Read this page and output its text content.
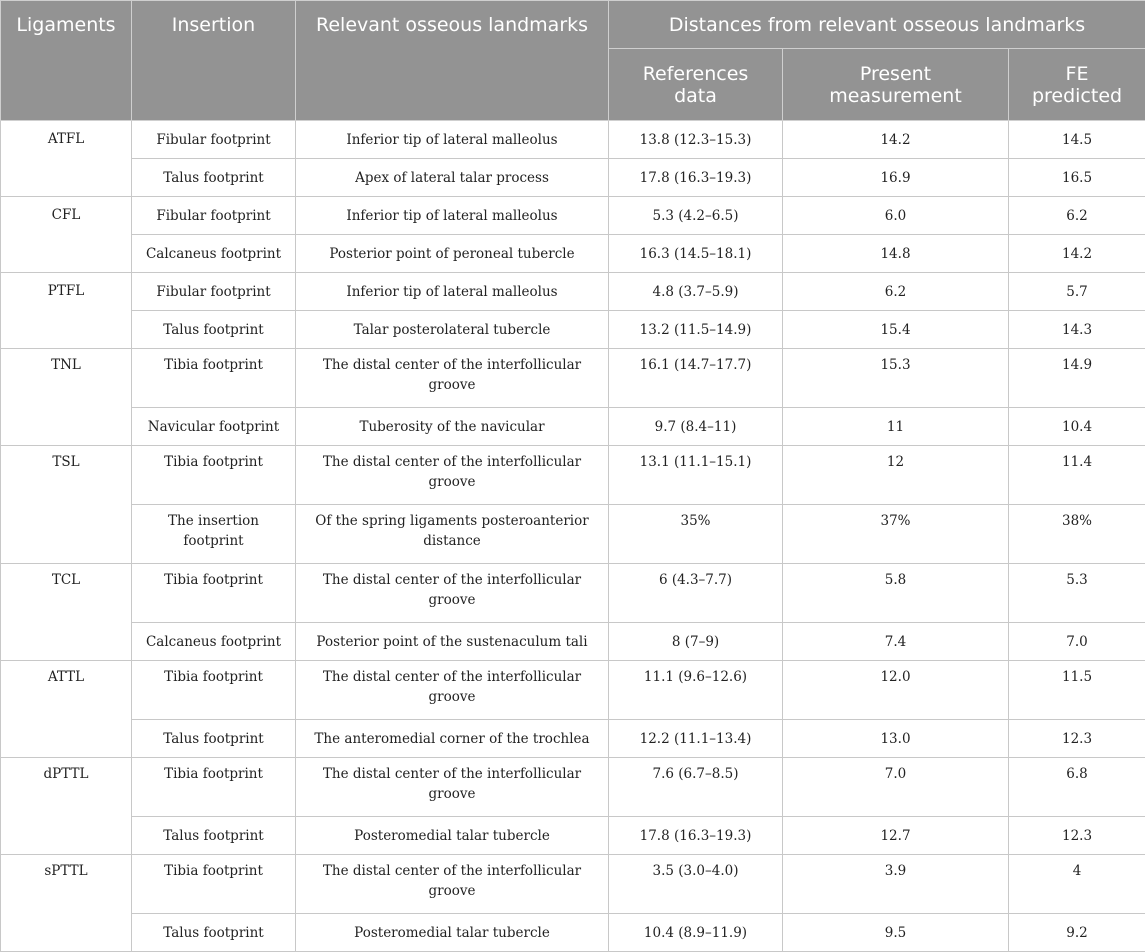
Ligaments	Insertion	Relevant osseous landmarks	Distances from relevant osseous landmarks		
			References data	Present measurement	FE predicted
ATFL	Fibular footprint	Inferior tip of lateral malleolus	13.8 (12.3–15.3)	14.2	14.5
	Talus footprint	Apex of lateral talar process	17.8 (16.3–19.3)	16.9	16.5
CFL	Fibular footprint	Inferior tip of lateral malleolus	5.3 (4.2–6.5)	6.0	6.2
	Calcaneus footprint	Posterior point of peroneal tubercle	16.3 (14.5–18.1)	14.8	14.2
PTFL	Fibular footprint	Inferior tip of lateral malleolus	4.8 (3.7–5.9)	6.2	5.7
	Talus footprint	Talar posterolateral tubercle	13.2 (11.5–14.9)	15.4	14.3
TNL	Tibia footprint	The distal center of the interfollicular groove	16.1 (14.7–17.7)	15.3	14.9
	Navicular footprint	Tuberosity of the navicular	9.7 (8.4–11)	11	10.4
TSL	Tibia footprint	The distal center of the interfollicular groove	13.1 (11.1–15.1)	12	11.4
	The insertion footprint	Of the spring ligaments posteroanterior distance	35%	37%	38%
TCL	Tibia footprint	The distal center of the interfollicular groove	6 (4.3–7.7)	5.8	5.3
	Calcaneus footprint	Posterior point of the sustenaculum tali	8 (7–9)	7.4	7.0
ATTL	Tibia footprint	The distal center of the interfollicular groove	11.1 (9.6–12.6)	12.0	11.5
	Talus footprint	The anteromedial corner of the trochlea	12.2 (11.1–13.4)	13.0	12.3
dPTTL	Tibia footprint	The distal center of the interfollicular groove	7.6 (6.7–8.5)	7.0	6.8
	Talus footprint	Posteromedial talar tubercle	17.8 (16.3–19.3)	12.7	12.3
sPTTL	Tibia footprint	The distal center of the interfollicular groove	3.5 (3.0–4.0)	3.9	4
	Talus footprint	Posteromedial talar tubercle	10.4 (8.9–11.9)	9.5	9.2
